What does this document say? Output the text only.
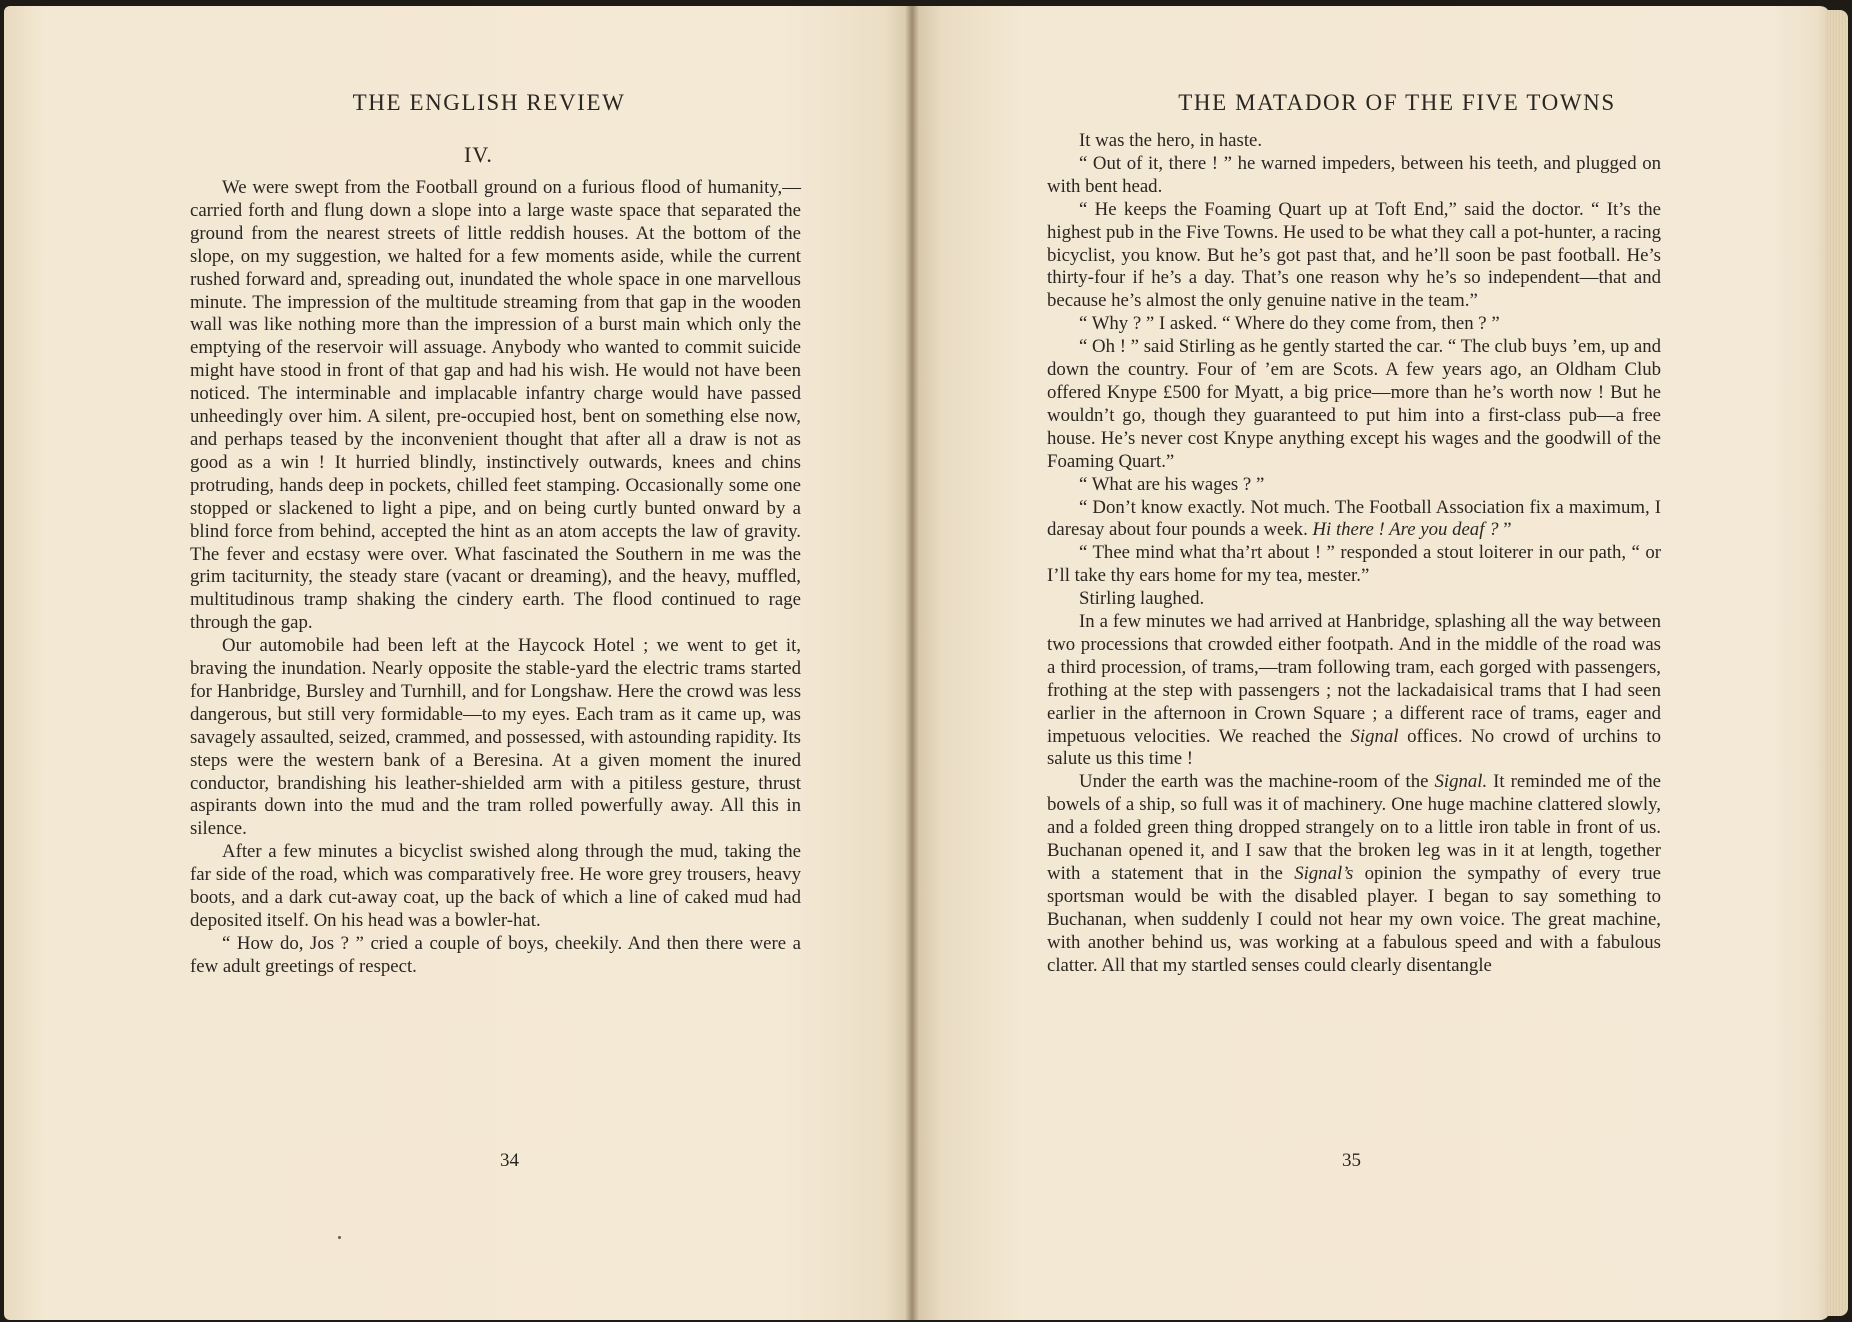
THE ENGLISH REVIEW
IV.

We were swept from the Football ground on a furious flood of humanity,—carried forth and flung down a slope into a large waste space that separated the ground from the nearest streets of little reddish houses. At the bottom of the slope, on my suggestion, we halted for a few moments aside, while the current rushed forward and, spreading out, inundated the whole space in one marvellous minute. The impression of the multitude streaming from that gap in the wooden wall was like nothing more than the impression of a burst main which only the emptying of the reservoir will assuage. Anybody who wanted to commit suicide might have stood in front of that gap and had his wish. He would not have been noticed. The interminable and implacable infantry charge would have passed unheedingly over him. A silent, pre-occupied host, bent on something else now, and perhaps teased by the inconvenient thought that after all a draw is not as good as a win ! It hurried blindly, instinctively outwards, knees and chins protruding, hands deep in pockets, chilled feet stamping. Occasionally some one stopped or slackened to light a pipe, and on being curtly bunted onward by a blind force from behind, accepted the hint as an atom accepts the law of gravity. The fever and ecstasy were over. What fascinated the Southern in me was the grim taciturnity, the steady stare (vacant or dreaming), and the heavy, muffled, multitudinous tramp shaking the cindery earth. The flood continued to rage through the gap.

Our automobile had been left at the Haycock Hotel ; we went to get it, braving the inundation. Nearly opposite the stable-yard the electric trams started for Hanbridge, Bursley and Turnhill, and for Longshaw. Here the crowd was less dangerous, but still very formidable—to my eyes. Each tram as it came up, was savagely assaulted, seized, crammed, and possessed, with astounding rapidity. Its steps were the western bank of a Beresina. At a given moment the inured conductor, brandishing his leather-shielded arm with a pitiless gesture, thrust aspirants down into the mud and the tram rolled powerfully away. All this in silence.

After a few minutes a bicyclist swished along through the mud, taking the far side of the road, which was comparatively free. He wore grey trousers, heavy boots, and a dark cut-away coat, up the back of which a line of caked mud had deposited itself. On his head was a bowler-hat.

“ How do, Jos ? ” cried a couple of boys, cheekily. And then there were a few adult greetings of respect.

34
THE MATADOR OF THE FIVE TOWNS

It was the hero, in haste.

“ Out of it, there ! ” he warned impeders, between his teeth, and plugged on with bent head.

“ He keeps the Foaming Quart up at Toft End,” said the doctor. “ It’s the highest pub in the Five Towns. He used to be what they call a pot-hunter, a racing bicyclist, you know. But he’s got past that, and he’ll soon be past football. He’s thirty-four if he’s a day. That’s one reason why he’s so independent—that and because he’s almost the only genuine native in the team.”

“ Why ? ” I asked. “ Where do they come from, then ? ”

“ Oh ! ” said Stirling as he gently started the car. “ The club buys ’em, up and down the country. Four of ’em are Scots. A few years ago, an Oldham Club offered Knype £500 for Myatt, a big price—more than he’s worth now ! But he wouldn’t go, though they guaranteed to put him into a first-class pub—a free house. He’s never cost Knype anything except his wages and the goodwill of the Foaming Quart.”

“ What are his wages ? ”

“ Don’t know exactly. Not much. The Football Association fix a maximum, I daresay about four pounds a week. Hi there ! Are you deaf ? ”

“ Thee mind what tha’rt about ! ” responded a stout loiterer in our path, “ or I’ll take thy ears home for my tea, mester.”

Stirling laughed.

In a few minutes we had arrived at Hanbridge, splashing all the way between two processions that crowded either footpath. And in the middle of the road was a third procession, of trams,—tram following tram, each gorged with passengers, frothing at the step with passengers ; not the lackadaisical trams that I had seen earlier in the afternoon in Crown Square ; a different race of trams, eager and impetuous velocities. We reached the Signal offices. No crowd of urchins to salute us this time !

Under the earth was the machine-room of the Signal. It reminded me of the bowels of a ship, so full was it of machinery. One huge machine clattered slowly, and a folded green thing dropped strangely on to a little iron table in front of us. Buchanan opened it, and I saw that the broken leg was in it at length, together with a statement that in the Signal’s opinion the sympathy of every true sportsman would be with the disabled player. I began to say something to Buchanan, when suddenly I could not hear my own voice. The great machine, with another behind us, was working at a fabulous speed and with a fabulous clatter. All that my startled senses could clearly disentangle

35
